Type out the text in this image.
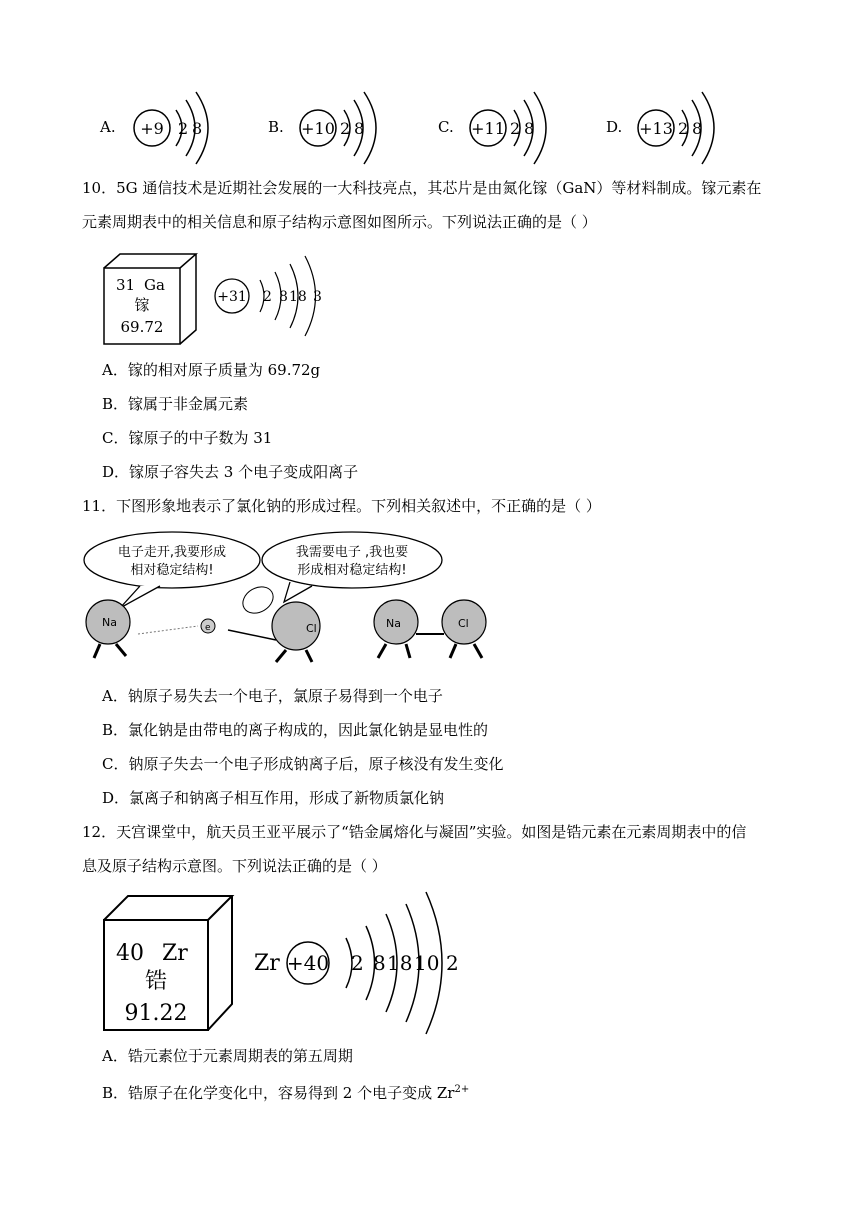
A. +9 2 8	B. +10 2 8	C. +11 2 8	D. +13 2 8
10．5G 通信技术是近期社会发展的一大科技亮点，其芯片是由氮化镓（GaN）等材料制成。镓元素在
元素周期表中的相关信息和原子结构示意图如图所示。下列说法正确的是（ ）
31 Ga
镓
69.72
+31 2 8 18 3
A．镓的相对原子质量为 69.72g
B．镓属于非金属元素
C．镓原子的中子数为 31
D．镓原子容失去 3 个电子变成阳离子
11．下图形象地表示了氯化钠的形成过程。下列相关叙述中，不正确的是（ ）
电子走开,我要形成
相对稳定结构!
我需要电子 ,我也要
形成相对稳定结构!
Na	e	Cl	Na	Cl
A．钠原子易失去一个电子，氯原子易得到一个电子
B．氯化钠是由带电的离子构成的，因此氯化钠是显电性的
C．钠原子失去一个电子形成钠离子后，原子核没有发生变化
D．氯离子和钠离子相互作用，形成了新物质氯化钠
12．天宫课堂中，航天员王亚平展示了“锆金属熔化与凝固”实验。如图是锆元素在元素周期表中的信
息及原子结构示意图。下列说法正确的是（ ）
40 Zr
锆
91.22
Zr +40 2 8 18 10 2
A．锆元素位于元素周期表的第五周期
B．锆原子在化学变化中，容易得到 2 个电子变成 $Zr^{2+}$
